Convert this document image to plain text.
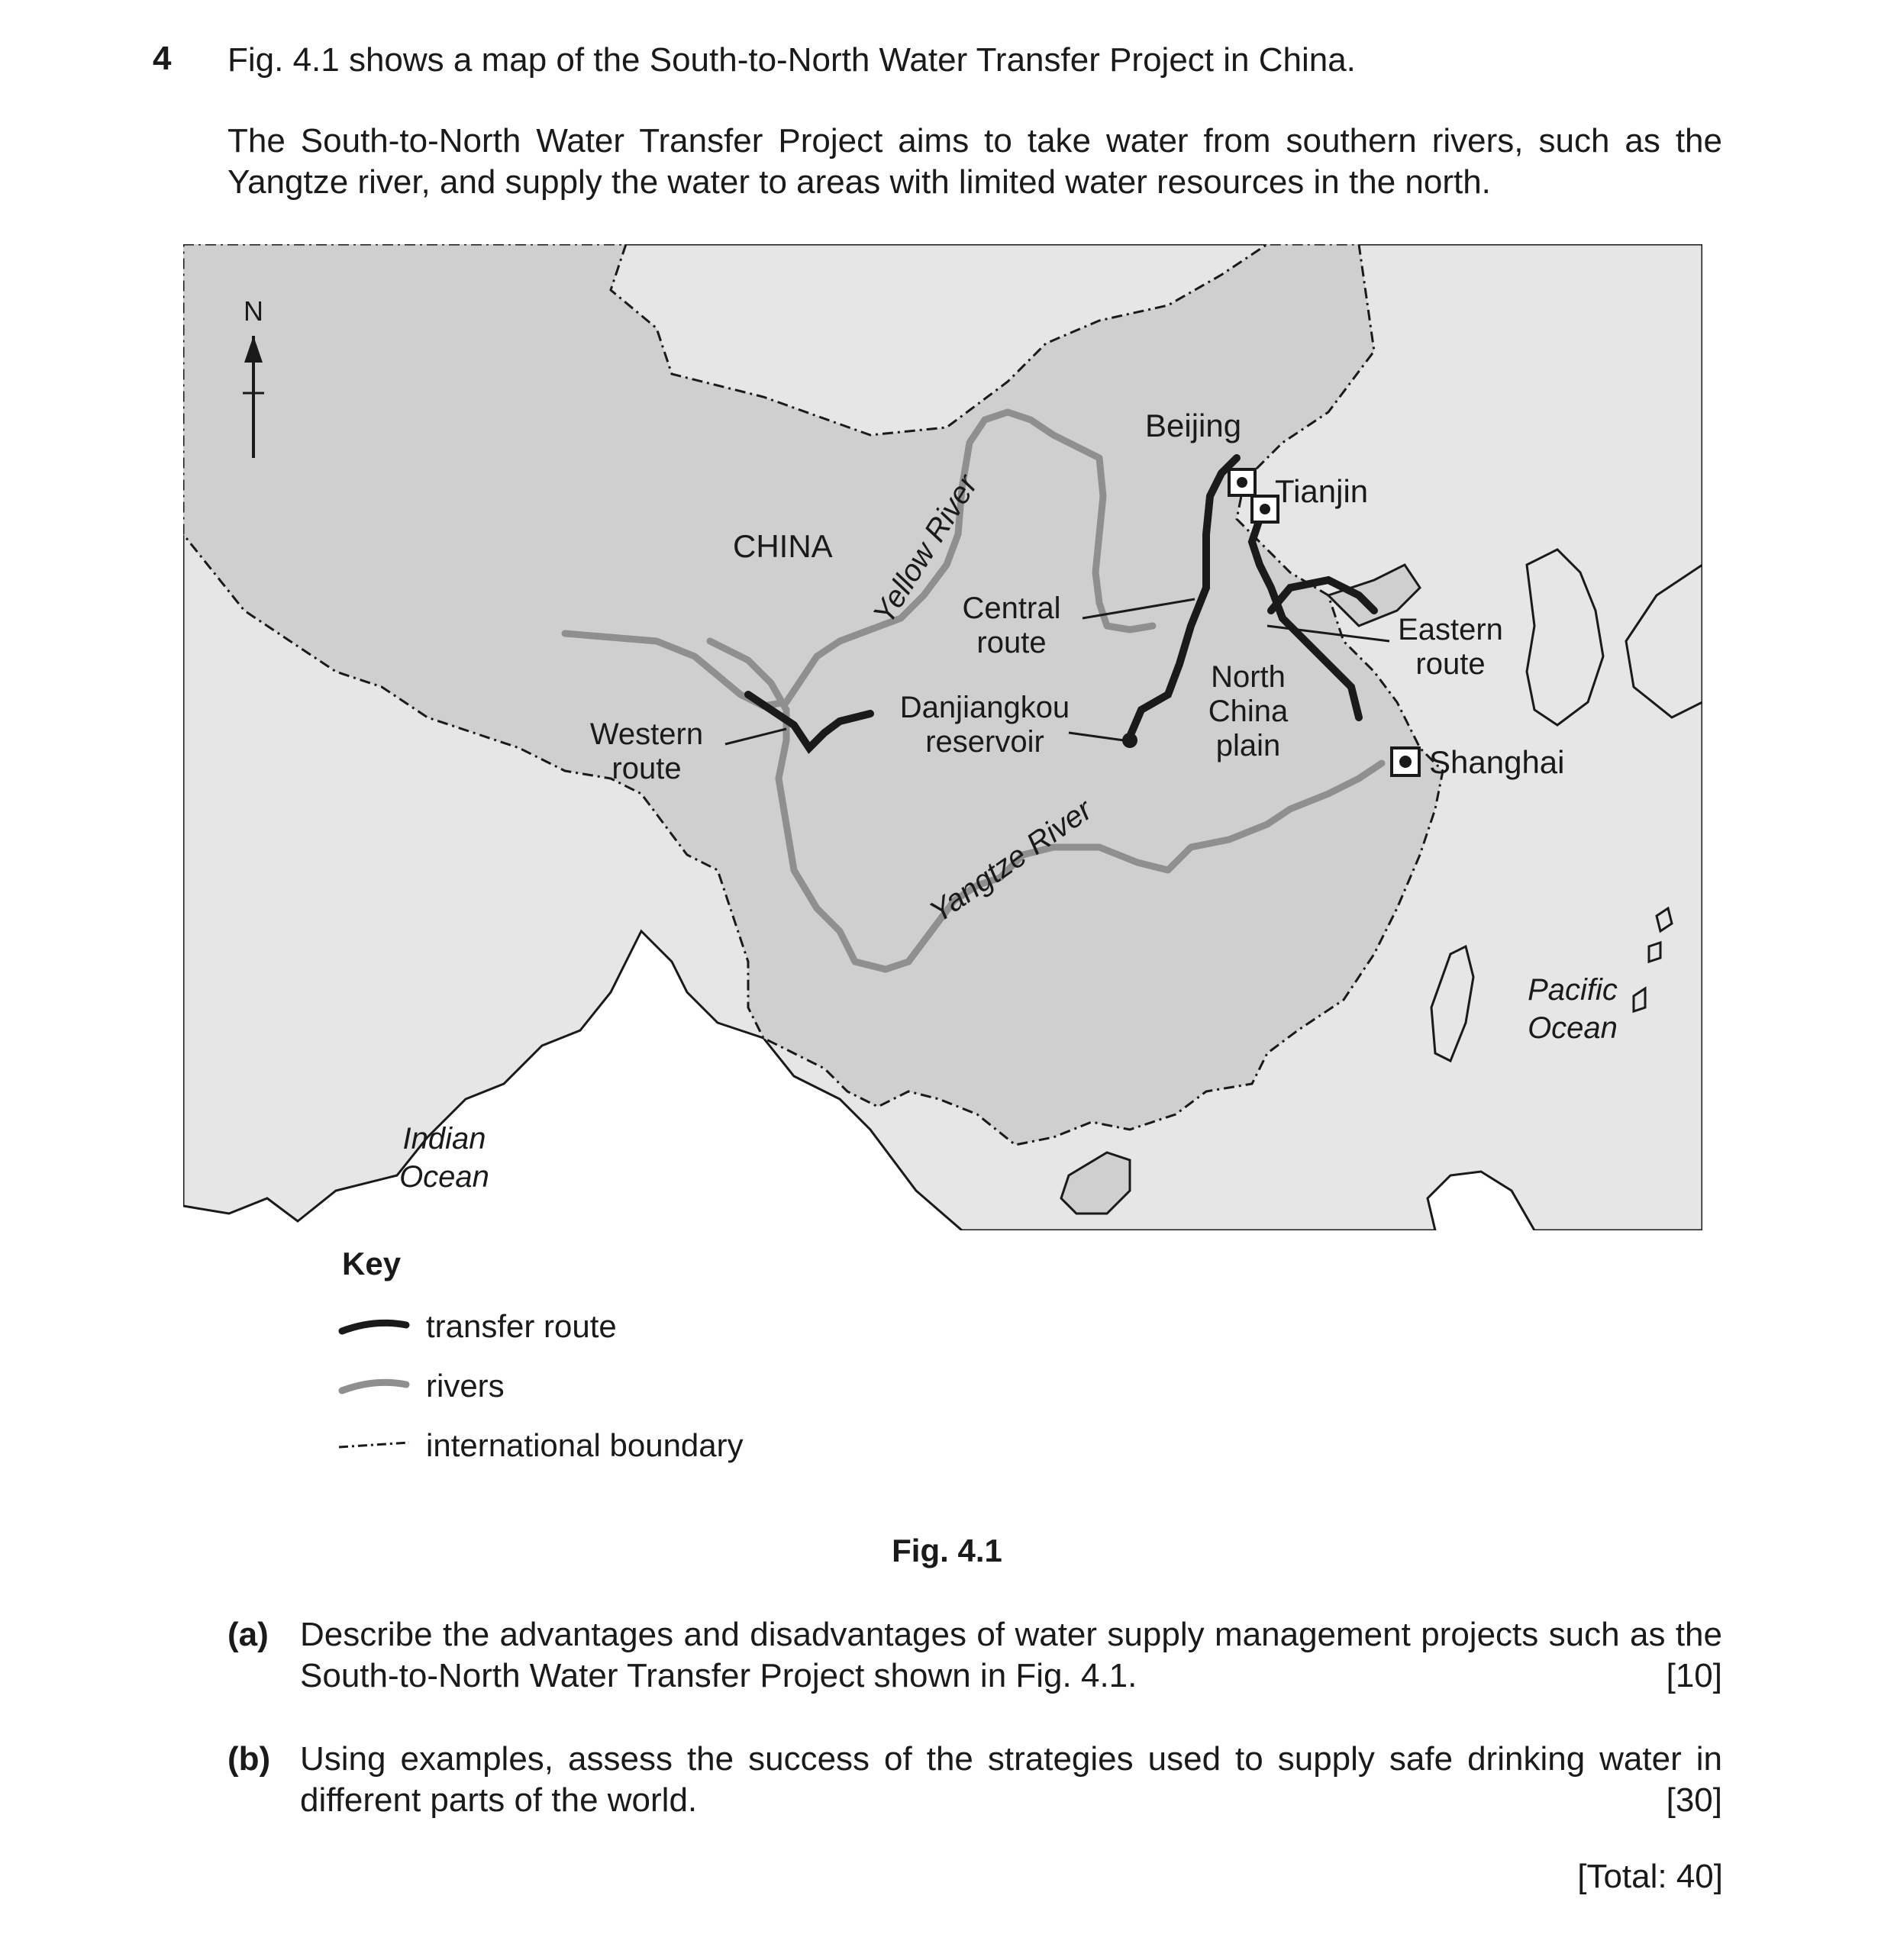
4 Fig. 4.1 shows a map of the South-to-North Water Transfer Project in China.
The South-to-North Water Transfer Project aims to take water from southern rivers, such as the Yangtze river, and supply the water to areas with limited water resources in the north.
N
CHINA
Beijing
Tianjin
Shanghai
Yellow River
Yangtze River
Central
route	Eastern
route
Western
route
Danjiangkou
reservoir
North
China
plain
Pacific
Ocean
Indian
Ocean
Key
transfer route
rivers
international boundary
Fig. 4.1
(a) Describe the advantages and disadvantages of water supply management projects such as the South-to-North Water Transfer Project shown in Fig. 4.1.	[10]
(b) Using examples, assess the success of the strategies used to supply safe drinking water in different parts of the world.	[30]
[Total: 40]
